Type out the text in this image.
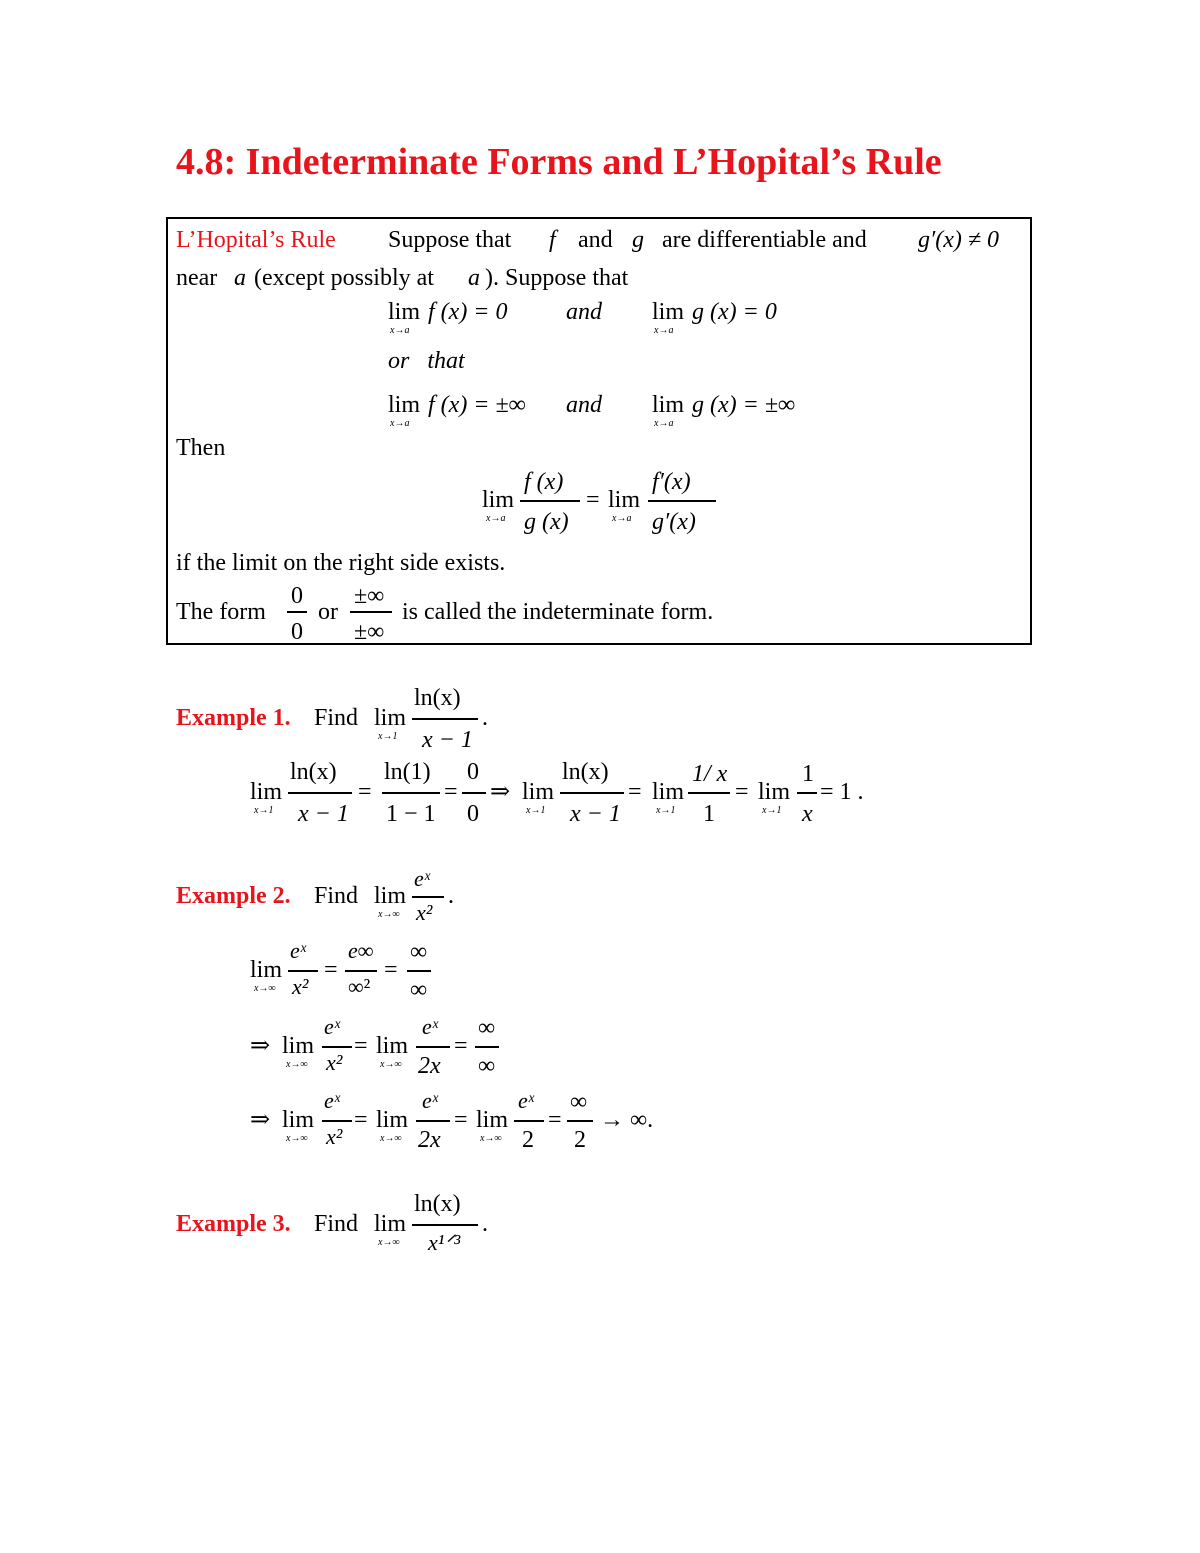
4.8: Indeterminate Forms and L’Hopital’s Rule
L’Hopital’s Rule Suppose that f and g are differentiable and g′(x) ≠ 0
near a (except possibly at a ). Suppose that
lim
x→a
f (x) = 0 and lim
x→a
g (x) = 0
or   that
lim
x→a
f (x) = ±∞ and lim
x→a
g (x) = ±∞
Then
lim
x→a
f (x)
g (x)
= lim
x→a
f′(x)
g′(x)
if the limit on the right side exists.
The form
0
0
or
±∞
±∞
is called the indeterminate form.
Example 1. Find lim
x→1
ln(x)
x − 1
.
lim
x→1
ln(x)
x − 1
=
ln(1)
1 − 1
=
0
0
⇒ lim
x→1
ln(x)
x − 1
= lim
x→1
1/ x
1
= lim
x→1
1
x
= 1 .
Example 2. Find lim
x→∞
eˣ
x²
.
lim
x→∞
eˣ
x²
=
e∞
∞²
=
∞
∞
⇒ lim
x→∞
eˣ
x²
= lim
x→∞
eˣ
2x
=
∞
∞
⇒ lim
x→∞
eˣ
x²
= lim
x→∞
eˣ
2x
= lim
x→∞
eˣ
2
=
∞
2
→ ∞.
Example 3. Find lim
x→∞
ln(x)
x¹ᐟ³
.
